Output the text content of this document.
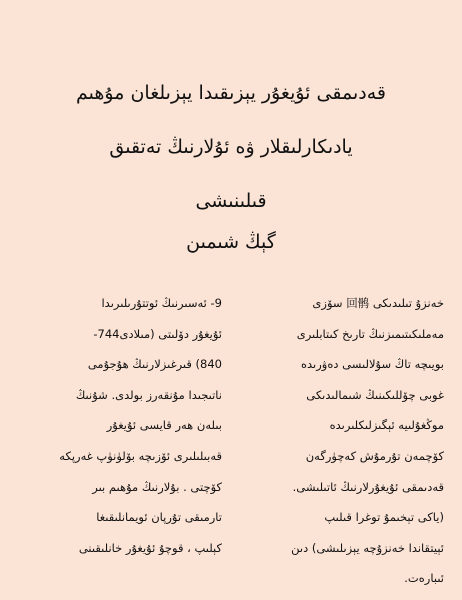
قەدىمقى ئۇيغۇر يېزىقىدا يېزىلغان مۇھىم
يادىكارلىقلار ۋە ئۇلارنىڭ تەتقىق
قىلىنىشى
گېڭ شىمىن
خەنزۇ تىلىدىكى 回鹘 سۆزى
مەملىكىتىمىزنىڭ تارىخ كىتابلىرى
بويىچە تاڭ سۇلالىسى دەۋرىدە
غوبى چۆللىكىنىڭ شىمالىدىكى
موڭغۇلىيە ئېگىزلىكلىرىدە
كۆچمەن تۇرمۇش كەچۈرگەن
قەدىمقى ئۇيغۇرلارنىڭ ئاتىلىشى.
(ياكى تېخىمۇ توغرا قىلىپ
ئېيتقاندا خەنزۇچە يېزىلىشى) دىن
ئىبارەت.
9- ئەسىرنىڭ ئوتتۇرىلىرىدا
ئۇيغۇر دۆلىتى (مىلادى744-
840) قىرغىزلارنىڭ هۇجۇمى
ناتىجىدا مۇنقەرز بولدى. شۇنىڭ
بىلەن ھەر قايسى ئۇيغۇر
قەبىلىلىرى ئۆزىچە بۆلۈنۈپ غەرپكە
كۆچتى . بۇلارنىڭ مۇھىم بىر
تارمىقى تۇرپان ئويمانلىقىغا
كېلىپ ، قوچۇ ئۇيغۇر خانلىقىنى
